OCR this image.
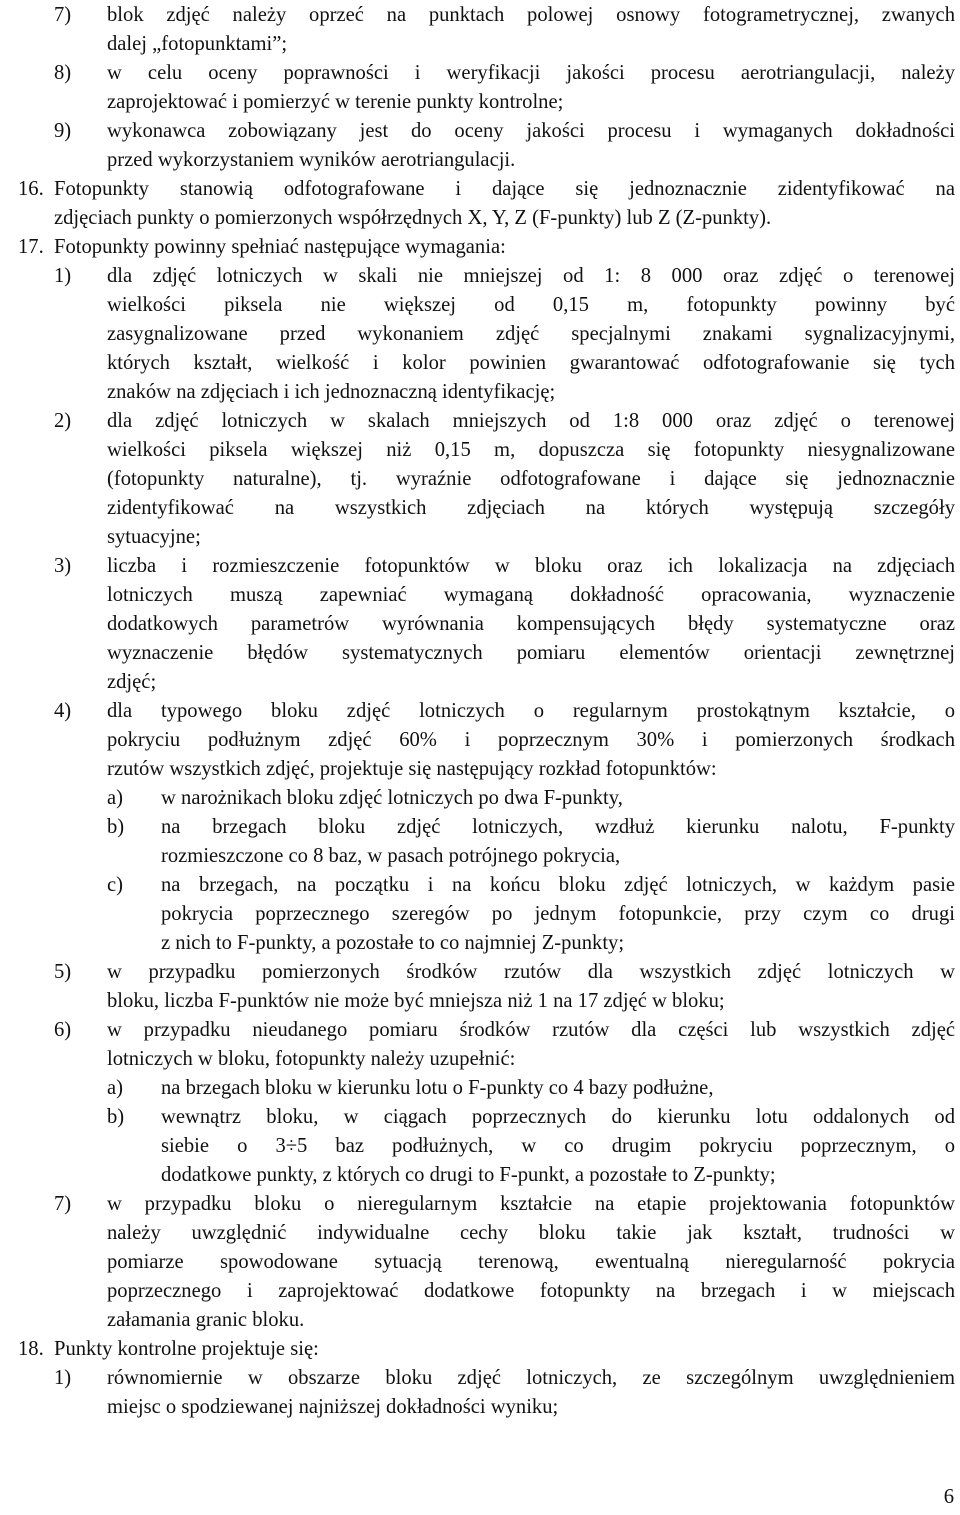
6
7) blok zdjęć należy oprzeć na punktach polowej osnowy fotogrametrycznej, zwanych
dalej „fotopunktami”;
8) w celu oceny poprawności i weryfikacji jakości procesu aerotriangulacji, należy
zaprojektować i pomierzyć w terenie punkty kontrolne;
9) wykonawca zobowiązany jest do oceny jakości procesu i wymaganych dokładności
przed wykorzystaniem wyników aerotriangulacji.
16. Fotopunkty stanowią odfotografowane i dające się jednoznacznie zidentyfikować na
zdjęciach punkty o pomierzonych współrzędnych X, Y, Z (F-punkty) lub Z (Z-punkty).
17. Fotopunkty powinny spełniać następujące wymagania:
1) dla zdjęć lotniczych w skali nie mniejszej od 1: 8 000 oraz zdjęć o terenowej
wielkości piksela nie większej od 0,15 m, fotopunkty powinny być
zasygnalizowane przed wykonaniem zdjęć specjalnymi znakami sygnalizacyjnymi,
których kształt, wielkość i kolor powinien gwarantować odfotografowanie się tych
znaków na zdjęciach i ich jednoznaczną identyfikację;
2) dla zdjęć lotniczych w skalach mniejszych od 1:8 000 oraz zdjęć o terenowej
wielkości piksela większej niż 0,15 m, dopuszcza się fotopunkty niesygnalizowane
(fotopunkty naturalne), tj. wyraźnie odfotografowane i dające się jednoznacznie
zidentyfikować na wszystkich zdjęciach na których występują szczegóły
sytuacyjne;
3) liczba i rozmieszczenie fotopunktów w bloku oraz ich lokalizacja na zdjęciach
lotniczych muszą zapewniać wymaganą dokładność opracowania, wyznaczenie
dodatkowych parametrów wyrównania kompensujących błędy systematyczne oraz
wyznaczenie błędów systematycznych pomiaru elementów orientacji zewnętrznej
zdjęć;
4) dla typowego bloku zdjęć lotniczych o regularnym prostokątnym kształcie, o
pokryciu podłużnym zdjęć 60% i poprzecznym 30% i pomierzonych środkach
rzutów wszystkich zdjęć, projektuje się następujący rozkład fotopunktów:
a) w narożnikach bloku zdjęć lotniczych po dwa F-punkty,
b) na brzegach bloku zdjęć lotniczych, wzdłuż kierunku nalotu, F-punkty
rozmieszczone co 8 baz, w pasach potrójnego pokrycia,
c) na brzegach, na początku i na końcu bloku zdjęć lotniczych, w każdym pasie
pokrycia poprzecznego szeregów po jednym fotopunkcie, przy czym co drugi
z nich to F-punkty, a pozostałe to co najmniej Z-punkty;
5) w przypadku pomierzonych środków rzutów dla wszystkich zdjęć lotniczych w
bloku, liczba F-punktów nie może być mniejsza niż 1 na 17 zdjęć w bloku;
6) w przypadku nieudanego pomiaru środków rzutów dla części lub wszystkich zdjęć
lotniczych w bloku, fotopunkty należy uzupełnić:
a) na brzegach bloku w kierunku lotu o F-punkty co 4 bazy podłużne,
b) wewnątrz bloku, w ciągach poprzecznych do kierunku lotu oddalonych od
siebie o 3÷5 baz podłużnych, w co drugim pokryciu poprzecznym, o
dodatkowe punkty, z których co drugi to F-punkt, a pozostałe to Z-punkty;
7) w przypadku bloku o nieregularnym kształcie na etapie projektowania fotopunktów
należy uwzględnić indywidualne cechy bloku takie jak kształt, trudności w
pomiarze spowodowane sytuacją terenową, ewentualną nieregularność pokrycia
poprzecznego i zaprojektować dodatkowe fotopunkty na brzegach i w miejscach
załamania granic bloku.
18. Punkty kontrolne projektuje się:
1) równomiernie w obszarze bloku zdjęć lotniczych, ze szczególnym uwzględnieniem
miejsc o spodziewanej najniższej dokładności wyniku;
